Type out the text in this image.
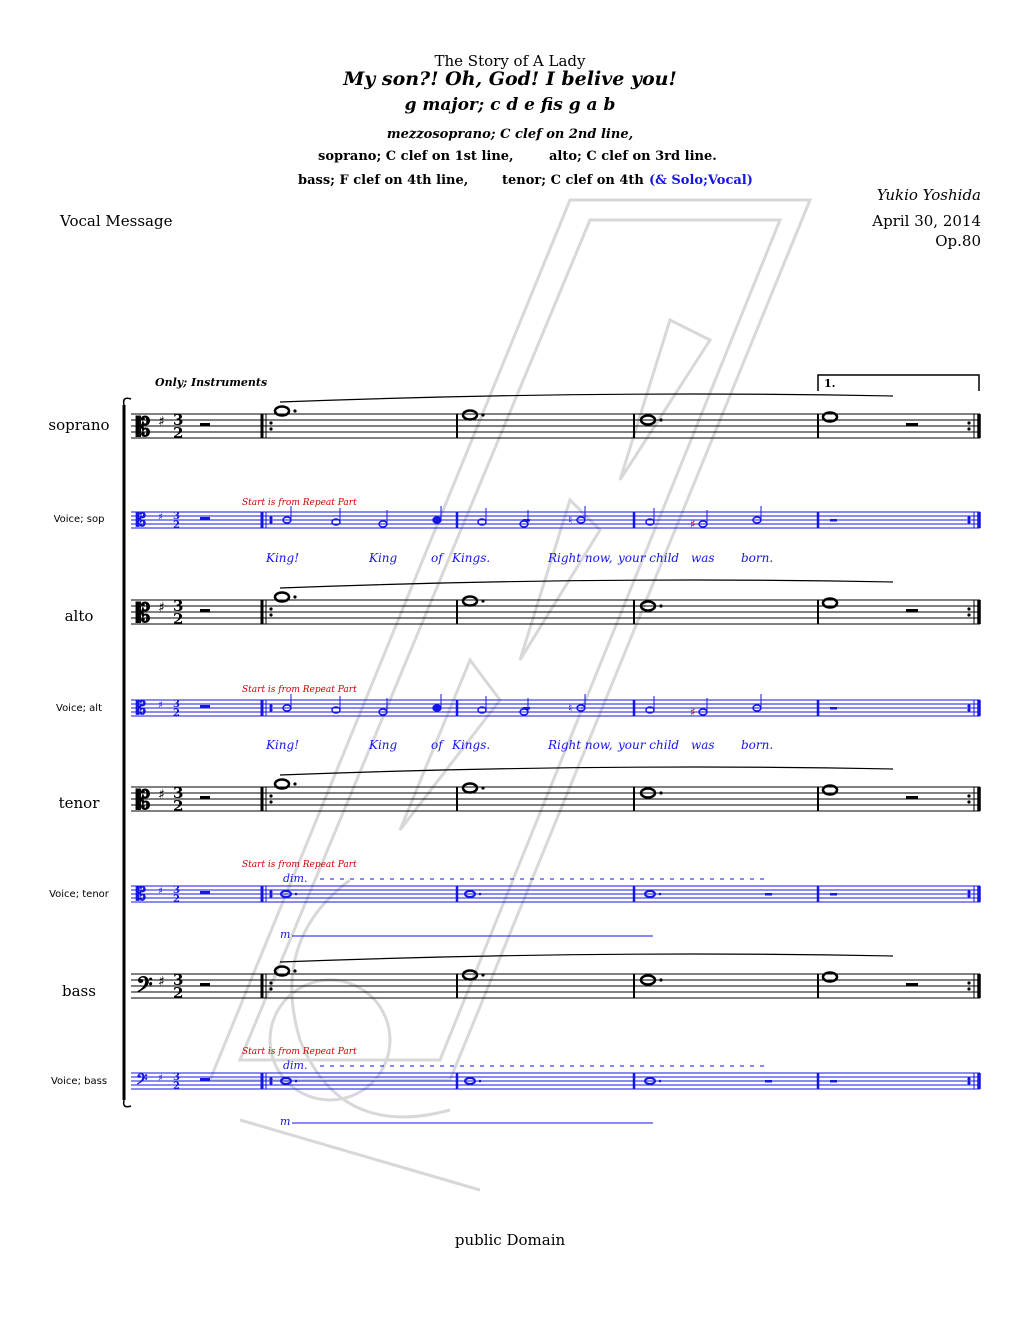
The Story of A Lady
My son?! Oh, God! I belive you!
g major; c d e fis g a b
mezzosoprano; C clef on 2nd line,
soprano; C clef on 1st line,	alto; C clef on 3rd line.
bass; F clef on 4th line,	tenor; C clef on 4th (& Solo;Vocal)
Vocal Message
Yukio Yoshida
April 30, 2014
Op.80
Only; Instruments	1.
soprano
Voice; sop
alto
Voice; alt
tenor
Voice; tenor
bass
Voice; bass
Start is from Repeat Part
Start is from Repeat Part
Start is from Repeat Part
Start is from Repeat Part
dim.
dim.
m
m
King!	King	of Kings.	Right now, your child was born.
King!	King	of Kings.	Right now, your child was born.
𝄡 ♯ 3
2
𝄡 ♯ 3
2	♮	♯
𝄡 ♯ 3
2
𝄡 ♯ 3
2	♮	♯
𝄡 ♯ 3
2
𝄡 ♯ 3
2
𝄢 ♯ 3
2
𝄢 ♯ 3
2
public Domain
